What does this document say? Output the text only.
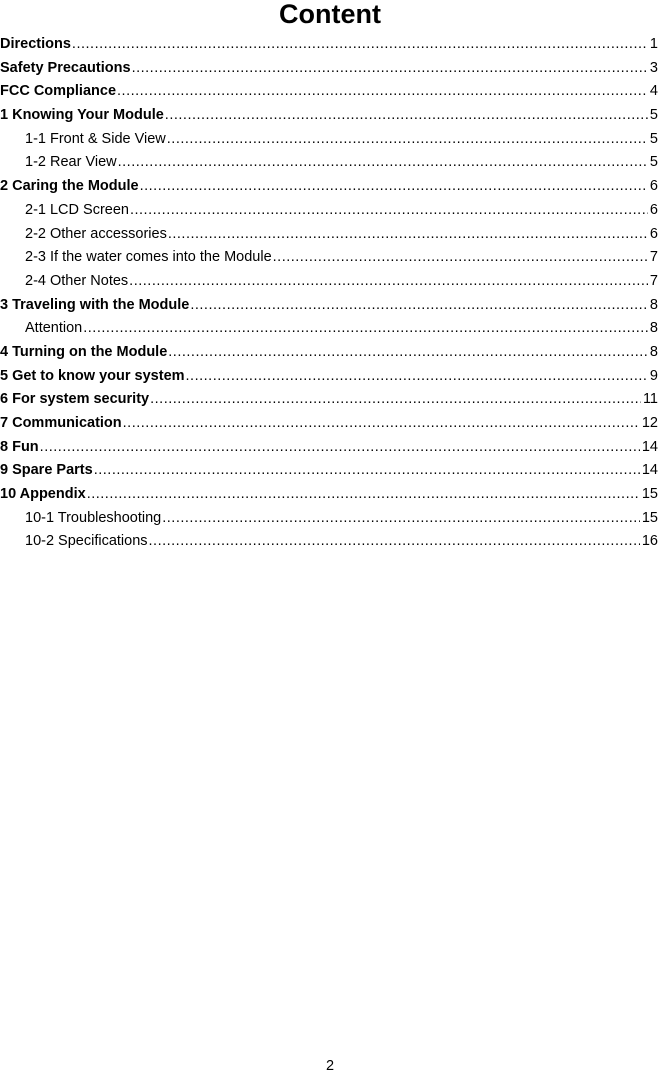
Content
Directions .....	1
Safety Precautions .....	3
FCC Compliance .....	4
1 Knowing Your Module .....	5
1-1 Front & Side View .....	5
1-2 Rear View .....	5
2 Caring the Module .....	6
2-1 LCD Screen .....	6
2-2 Other accessories .....	6
2-3 If the water comes into the Module .....	7
2-4 Other Notes .....	7
3 Traveling with the Module .....	8
Attention .....	8
4 Turning on the Module .....	8
5 Get to know your system .....	9
6 For system security .....	11
7 Communication .....	12
8 Fun .....	14
9 Spare Parts .....	14
10 Appendix .....	15
10-1 Troubleshooting .....	15
10-2 Specifications .....	16
2
